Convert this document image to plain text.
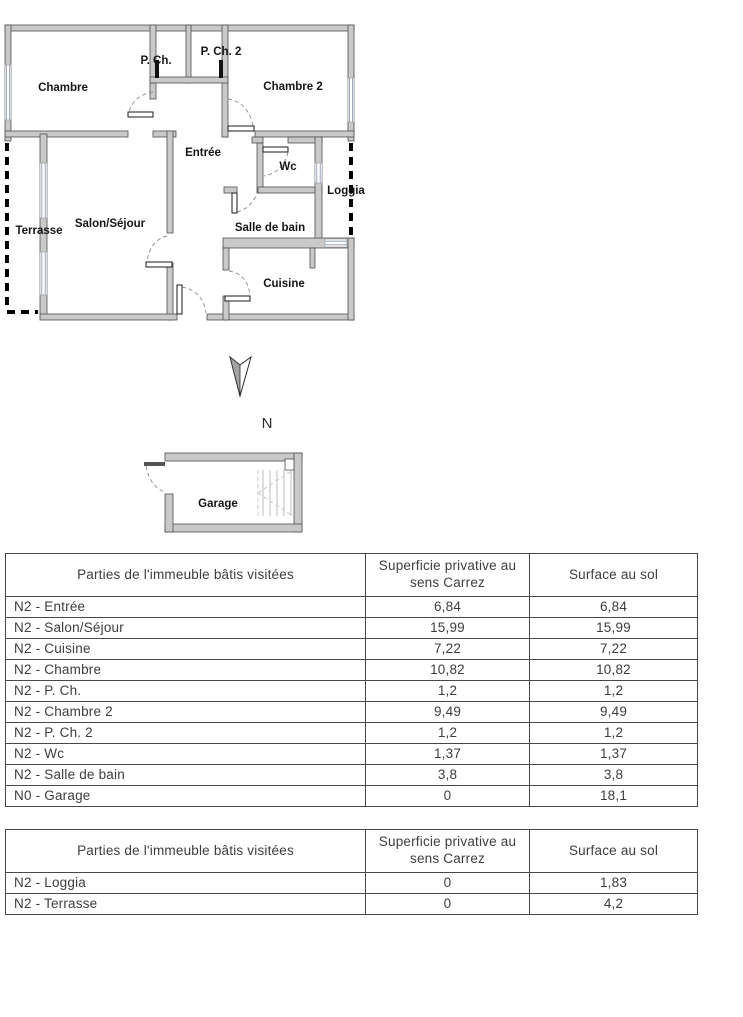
Chambre
P. Ch.
P. Ch. 2
Chambre 2
Entrée
Wc
Loggia
Terrasse
Salon/Séjour	Salle de bain
Cuisine
N
Garage
Parties de l'immeuble bâtis visitées	Superficie privative au sens Carrez	Surface au sol
N2 - Entrée	6,84	6,84
N2 - Salon/Séjour	15,99	15,99
N2 - Cuisine	7,22	7,22
N2 - Chambre	10,82	10,82
N2 - P. Ch.	1,2	1,2
N2 - Chambre 2	9,49	9,49
N2 - P. Ch. 2	1,2	1,2
N2 - Wc	1,37	1,37
N2 - Salle de bain	3,8	3,8
N0 - Garage	0	18,1
Parties de l'immeuble bâtis visitées	Superficie privative au sens Carrez	Surface au sol
N2 - Loggia	0	1,83
N2 - Terrasse	0	4,2
